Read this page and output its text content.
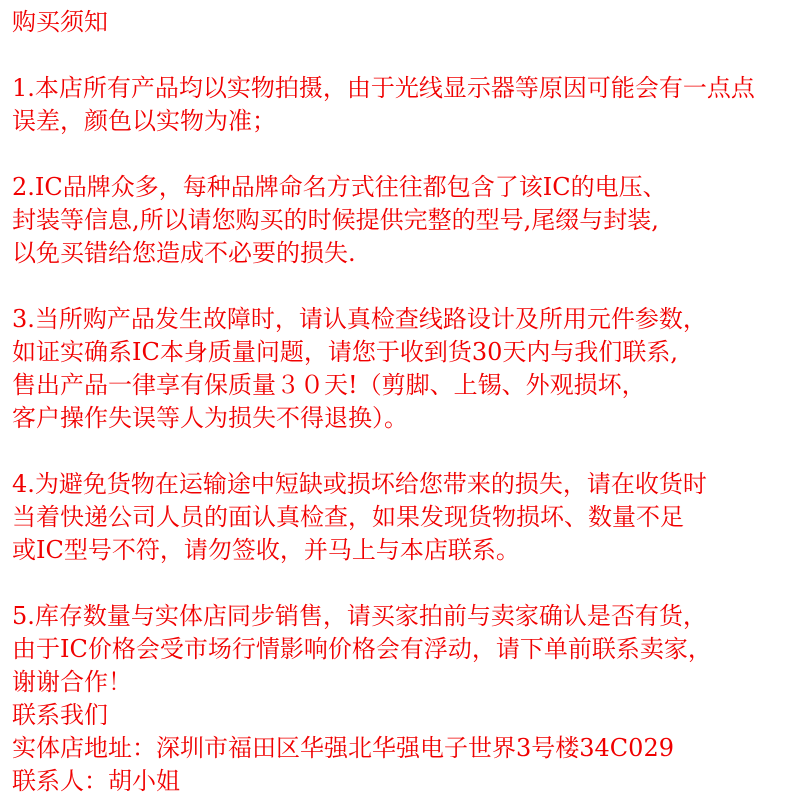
购买须知
1.本店所有产品均以实物拍摄，由于光线显示器等原因可能会有一点点
误差，颜色以实物为准；
2.IC品牌众多，每种品牌命名方式往往都包含了该IC的电压、
封装等信息,所以请您购买的时候提供完整的型号,尾缀与封装,
以免买错给您造成不必要的损失.
3.当所购产品发生故障时，请认真检查线路设计及所用元件参数，
如证实确系IC本身质量问题，请您于收到货30天内与我们联系,
售出产品一律享有保质量３０天!（剪脚、上锡、外观损坏，
客户操作失误等人为损失不得退换）。
4.为避免货物在运输途中短缺或损坏给您带来的损失，请在收货时
当着快递公司人员的面认真检查，如果发现货物损坏、数量不足
或IC型号不符，请勿签收，并马上与本店联系。
5.库存数量与实体店同步销售，请买家拍前与卖家确认是否有货，
由于IC价格会受市场行情影响价格会有浮动，请下单前联系卖家，
谢谢合作！
联系我们
实体店地址：深圳市福田区华强北华强电子世界3号楼34C029
联系人：胡小姐
